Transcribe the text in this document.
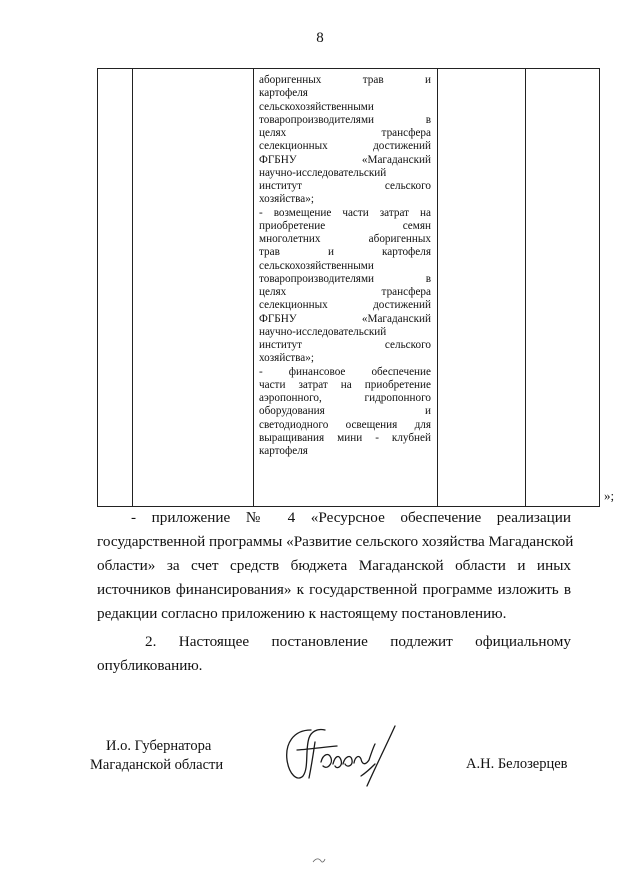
8
аборигенных трав и
картофеля
сельскохозяйственными
товаропроизводителями в
целях трансфера
селекционных достижений
ФГБНУ «Магаданский
научно-исследовательский
институт сельского
хозяйства»;
- возмещение части затрат на
приобретение семян
многолетних аборигенных
трав и картофеля
сельскохозяйственными
товаропроизводителями в
целях трансфера
селекционных достижений
ФГБНУ «Магаданский
научно-исследовательский
институт сельского
хозяйства»;
- финансовое обеспечение
части затрат на приобретение
аэропонного, гидропонного
оборудования и
светодиодного освещения для
выращивания мини - клубней
картофеля
»;
- приложение № 4 «Ресурсное обеспечение реализации
государственной программы «Развитие сельского хозяйства Магаданской
области» за счет средств бюджета Магаданской области и иных
источников финансирования» к государственной программе изложить в
редакции согласно приложению к настоящему постановлению.
2. Настоящее постановление подлежит официальному
опубликованию.
И.о. Губернатора
Магаданской области	А.Н. Белозерцев
